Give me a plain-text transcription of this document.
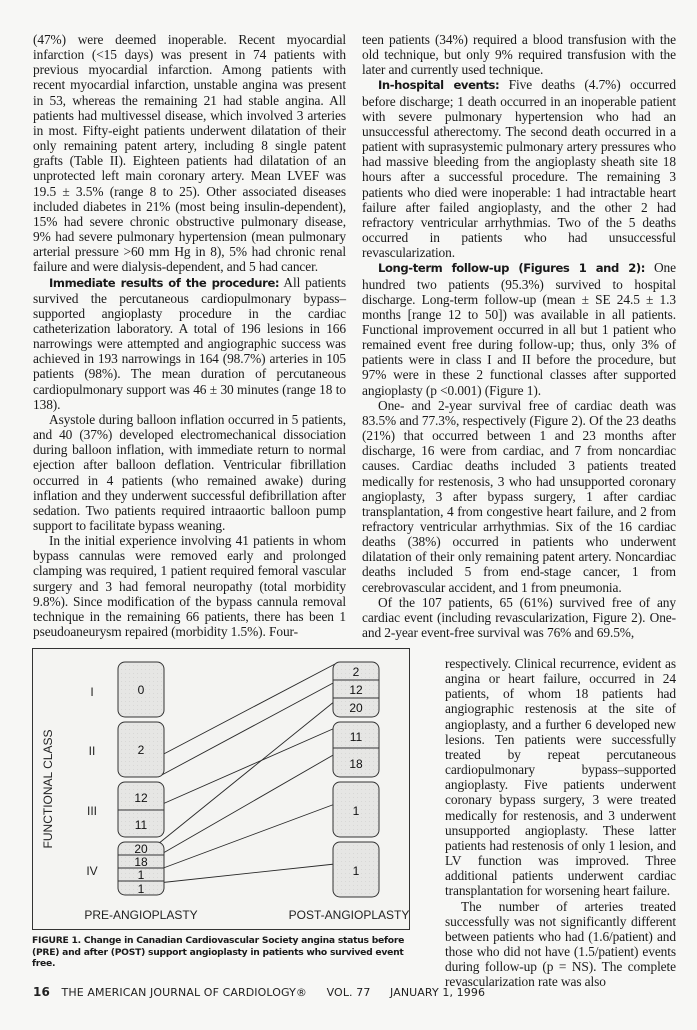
(47%) were deemed inoperable. Recent myocardial infarction (<15 days) was present in 74 patients with previous myocardial infarction. Among patients with recent myocardial infarction, unstable angina was present in 53, whereas the remaining 21 had stable angina. All patients had multivessel disease, which involved 3 arteries in most. Fifty-eight patients underwent dilatation of their only remaining patent artery, including 8 single patent grafts (Table II). Eighteen patients had dilatation of an unprotected left main coronary artery. Mean LVEF was 19.5 ± 3.5% (range 8 to 25). Other associated diseases included diabetes in 21% (most being insulin-dependent), 15% had severe chronic obstructive pulmonary disease, 9% had severe pulmonary hypertension (mean pulmonary arterial pressure >60 mm Hg in 8), 5% had chronic renal failure and were dialysis-dependent, and 5 had cancer.

Immediate results of the procedure: All patients survived the percutaneous cardiopulmonary bypass–supported angioplasty procedure in the cardiac catheterization laboratory. A total of 196 lesions in 166 narrowings were attempted and angiographic success was achieved in 193 narrowings in 164 (98.7%) arteries in 105 patients (98%). The mean duration of percutaneous cardiopulmonary support was 46 ± 30 minutes (range 18 to 138).

Asystole during balloon inflation occurred in 5 patients, and 40 (37%) developed electromechanical dissociation during balloon inflation, with immediate return to normal ejection after balloon deflation. Ventricular fibrillation occurred in 4 patients (who remained awake) during inflation and they underwent successful defibrillation after sedation. Two patients required intraaortic balloon pump support to facilitate bypass weaning.

In the initial experience involving 41 patients in whom bypass cannulas were removed early and prolonged clamping was required, 1 patient required femoral vascular surgery and 3 had femoral neuropathy (total morbidity 9.8%). Since modification of the bypass cannula removal technique in the remaining 66 patients, there has been 1 pseudoaneurysm repaired (morbidity 1.5%). Four-

teen patients (34%) required a blood transfusion with the old technique, but only 9% required transfusion with the later and currently used technique.

In-hospital events: Five deaths (4.7%) occurred before discharge; 1 death occurred in an inoperable patient with severe pulmonary hypertension who had an unsuccessful atherectomy. The second death occurred in a patient with suprasystemic pulmonary artery pressures who had massive bleeding from the angioplasty sheath site 18 hours after a successful procedure. The remaining 3 patients who died were inoperable: 1 had intractable heart failure after failed angioplasty, and the other 2 had refractory ventricular arrhythmias. Two of the 5 deaths occurred in patients who had unsuccessful revascularization.

Long-term follow-up (Figures 1 and 2): One hundred two patients (95.3%) survived to hospital discharge. Long-term follow-up (mean ± SE 24.5 ± 1.3 months [range 12 to 50]) was available in all patients. Functional improvement occurred in all but 1 patient who remained event free during follow-up; thus, only 3% of patients were in class I and II before the procedure, but 97% were in these 2 functional classes after supported angioplasty (p <0.001) (Figure 1).

One- and 2-year survival free of cardiac death was 83.5% and 77.3%, respectively (Figure 2). Of the 23 deaths (21%) that occurred between 1 and 23 months after discharge, 16 were from cardiac, and 7 from noncardiac causes. Cardiac deaths included 3 patients treated medically for restenosis, 3 who had unsupported coronary angioplasty, 3 after bypass surgery, 1 after cardiac transplantation, 4 from congestive heart failure, and 2 from refractory ventricular arrhythmias. Six of the 16 cardiac deaths (38%) occurred in patients who underwent dilatation of their only remaining patent artery. Noncardiac deaths included 5 from end-stage cancer, 1 from cerebrovascular accident, and 1 from pneumonia.

Of the 107 patients, 65 (61%) survived free of any cardiac event (including revascularization, Figure 2). One- and 2-year event-free survival was 76% and 69.5%,

respectively. Clinical recurrence, evident as angina or heart failure, occurred in 24 patients, of whom 18 patients had angiographic restenosis at the site of angioplasty, and a further 6 developed new lesions. Ten patients were successfully treated by repeat percutaneous cardiopulmonary bypass–supported angioplasty. Five patients underwent coronary bypass surgery, 3 were treated medically for restenosis, and 3 underwent unsupported angioplasty. These latter patients had restenosis of only 1 lesion, and LV function was improved. Three additional patients underwent cardiac transplantation for worsening heart failure.

The number of arteries treated successfully was not significantly different between patients who had (1.6/patient) and those who did not have (1.5/patient) events during follow-up (p = NS). The complete revascularization rate was also

FUNCTIONAL CLASS
I
II
III
IV
0
2
12
11
20
18
1
1
2
12
20
11
18
1
1
PRE-ANGIOPLASTY	POST-ANGIOPLASTY
FIGURE 1. Change in Canadian Cardiovascular Society angina status before (PRE) and after (POST) support angioplasty in patients who survived event free.
16 THE AMERICAN JOURNAL OF CARDIOLOGY® VOL. 77 JANUARY 1, 1996
